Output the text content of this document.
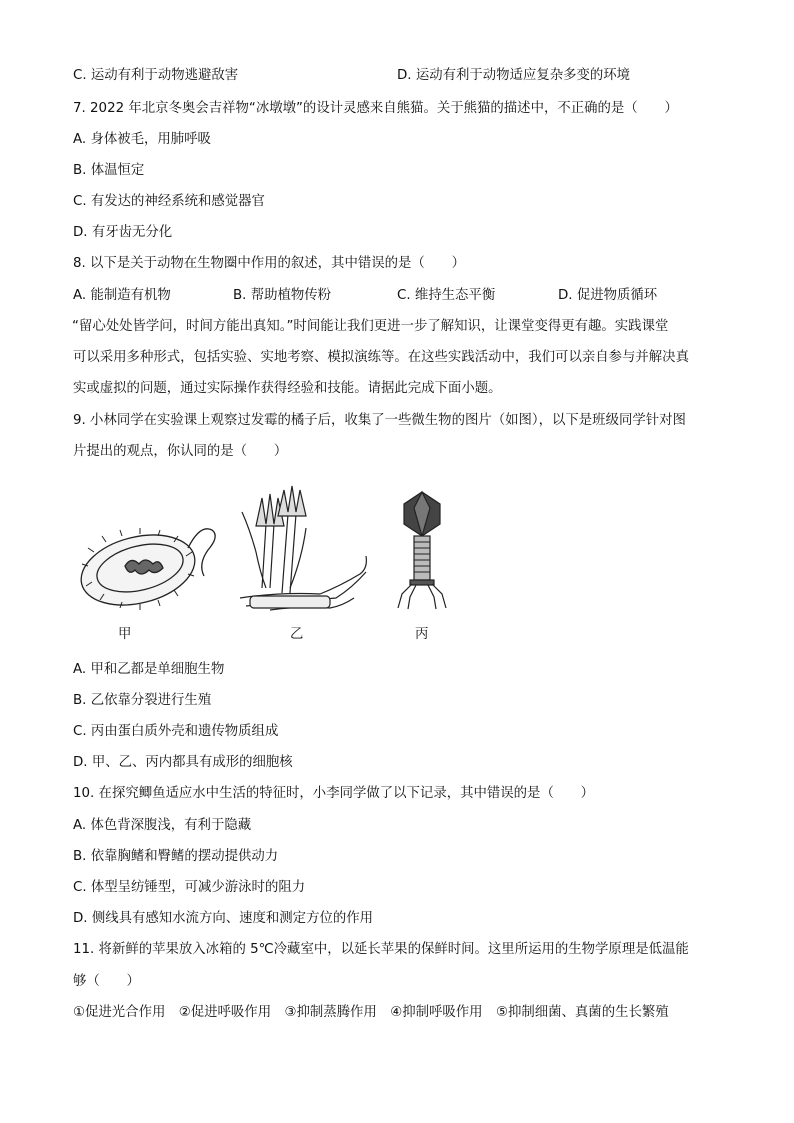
C. 运动有利于动物逃避敌害	D. 运动有利于动物适应复杂多变的环境
7. 2022 年北京冬奥会吉祥物“冰墩墩”的设计灵感来自熊猫。关于熊猫的描述中，不正确的是（　　）
A. 身体被毛，用肺呼吸
B. 体温恒定
C. 有发达的神经系统和感觉器官
D. 有牙齿无分化
8. 以下是关于动物在生物圈中作用的叙述，其中错误的是（　　）
A. 能制造有机物	B. 帮助植物传粉	C. 维持生态平衡	D. 促进物质循环
“留心处处皆学问，时间方能出真知。”时间能让我们更进一步了解知识，让课堂变得更有趣。实践课堂
可以采用多种形式，包括实验、实地考察、模拟演练等。在这些实践活动中，我们可以亲自参与并解决真
实或虚拟的问题，通过实际操作获得经验和技能。请据此完成下面小题。
9. 小林同学在实验课上观察过发霉的橘子后，收集了一些微生物的图片（如图），以下是班级同学针对图
片提出的观点，你认同的是（　　）
甲	乙	丙
A. 甲和乙都是单细胞生物
B. 乙依靠分裂进行生殖
C. 丙由蛋白质外壳和遗传物质组成
D. 甲、乙、丙内都具有成形的细胞核
10. 在探究鲫鱼适应水中生活的特征时，小李同学做了以下记录，其中错误的是（　　）
A. 体色背深腹浅，有利于隐藏
B. 依靠胸鳍和臀鳍的摆动提供动力
C. 体型呈纺锤型，可减少游泳时的阻力
D. 侧线具有感知水流方向、速度和测定方位的作用
11. 将新鲜的苹果放入冰箱的 5℃冷藏室中，以延长苹果的保鲜时间。这里所运用的生物学原理是低温能
够（　　）
①促进光合作用　②促进呼吸作用　③抑制蒸腾作用　④抑制呼吸作用　⑤抑制细菌、真菌的生长繁殖
